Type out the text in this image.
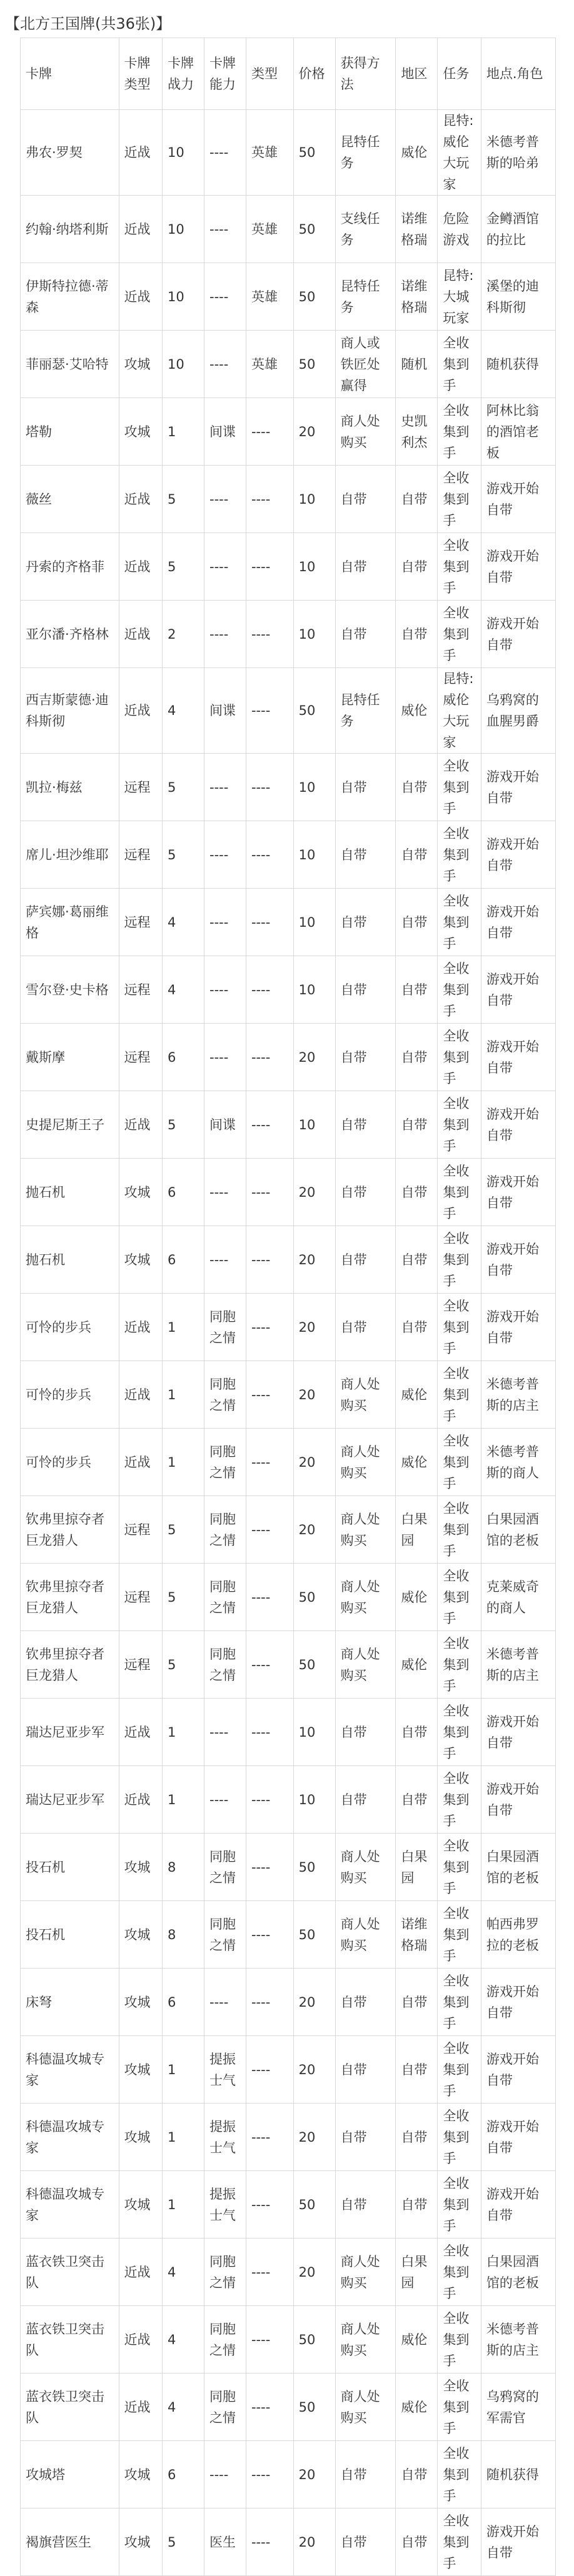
【北方王国牌(共36张)】
卡牌	卡牌类型	卡牌战力	卡牌能力	类型	价格	获得方法	地区	任务	地点.角色
弗农·罗契	近战	10	----	英雄	50	昆特任务	威伦	昆特:威伦大玩家	米德考普斯的哈弟
约翰·纳塔利斯	近战	10	----	英雄	50	支线任务	诺维格瑞	危险游戏	金鳟酒馆的拉比
伊斯特拉德·蒂森	近战	10	----	英雄	50	昆特任务	诺维格瑞	昆特:大城玩家	溪堡的迪科斯彻
菲丽瑟·艾哈特	攻城	10	----	英雄	50	商人或铁匠处赢得	随机	全收集到手	随机获得
塔勒	攻城	1	间谍	----	20	商人处购买	史凯利杰	全收集到手	阿林比翁的酒馆老板
薇丝	近战	5	----	----	10	自带	自带	全收集到手	游戏开始自带
丹索的齐格菲	近战	5	----	----	10	自带	自带	全收集到手	游戏开始自带
亚尔潘·齐格林	近战	2	----	----	10	自带	自带	全收集到手	游戏开始自带
西吉斯蒙德·迪科斯彻	近战	4	间谍	----	50	昆特任务	威伦	昆特:威伦大玩家	乌鸦窝的血腥男爵
凯拉·梅兹	远程	5	----	----	10	自带	自带	全收集到手	游戏开始自带
席儿·坦沙维耶	远程	5	----	----	10	自带	自带	全收集到手	游戏开始自带
萨宾娜·葛丽维格	远程	4	----	----	10	自带	自带	全收集到手	游戏开始自带
雪尔登·史卡格	远程	4	----	----	10	自带	自带	全收集到手	游戏开始自带
戴斯摩	远程	6	----	----	20	自带	自带	全收集到手	游戏开始自带
史提尼斯王子	近战	5	间谍	----	10	自带	自带	全收集到手	游戏开始自带
抛石机	攻城	6	----	----	20	自带	自带	全收集到手	游戏开始自带
抛石机	攻城	6	----	----	20	自带	自带	全收集到手	游戏开始自带
可怜的步兵	近战	1	同胞之情	----	20	自带	自带	全收集到手	游戏开始自带
可怜的步兵	近战	1	同胞之情	----	20	商人处购买	威伦	全收集到手	米德考普斯的店主
可怜的步兵	近战	1	同胞之情	----	20	商人处购买	威伦	全收集到手	米德考普斯的商人
钦弗里掠夺者巨龙猎人	远程	5	同胞之情	----	20	商人处购买	白果园	全收集到手	白果园酒馆的老板
钦弗里掠夺者巨龙猎人	远程	5	同胞之情	----	50	商人处购买	威伦	全收集到手	克莱威奇的商人
钦弗里掠夺者巨龙猎人	远程	5	同胞之情	----	50	商人处购买	威伦	全收集到手	米德考普斯的店主
瑞达尼亚步军	近战	1	----	----	10	自带	自带	全收集到手	游戏开始自带
瑞达尼亚步军	近战	1	----	----	10	自带	自带	全收集到手	游戏开始自带
投石机	攻城	8	同胞之情	----	50	商人处购买	白果园	全收集到手	白果园酒馆的老板
投石机	攻城	8	同胞之情	----	50	商人处购买	诺维格瑞	全收集到手	帕西弗罗拉的老板
床弩	攻城	6	----	----	20	自带	自带	全收集到手	游戏开始自带
科德温攻城专家	攻城	1	提振士气	----	20	自带	自带	全收集到手	游戏开始自带
科德温攻城专家	攻城	1	提振士气	----	20	自带	自带	全收集到手	游戏开始自带
科德温攻城专家	攻城	1	提振士气	----	50	自带	自带	全收集到手	游戏开始自带
蓝衣铁卫突击队	近战	4	同胞之情	----	20	商人处购买	白果园	全收集到手	白果园酒馆的老板
蓝衣铁卫突击队	近战	4	同胞之情	----	50	商人处购买	威伦	全收集到手	米德考普斯的店主
蓝衣铁卫突击队	近战	4	同胞之情	----	50	商人处购买	威伦	全收集到手	乌鸦窝的军需官
攻城塔	攻城	6	----	----	20	自带	自带	全收集到手	随机获得
褐旗营医生	攻城	5	医生	----	20	自带	自带	全收集到手	游戏开始自带
